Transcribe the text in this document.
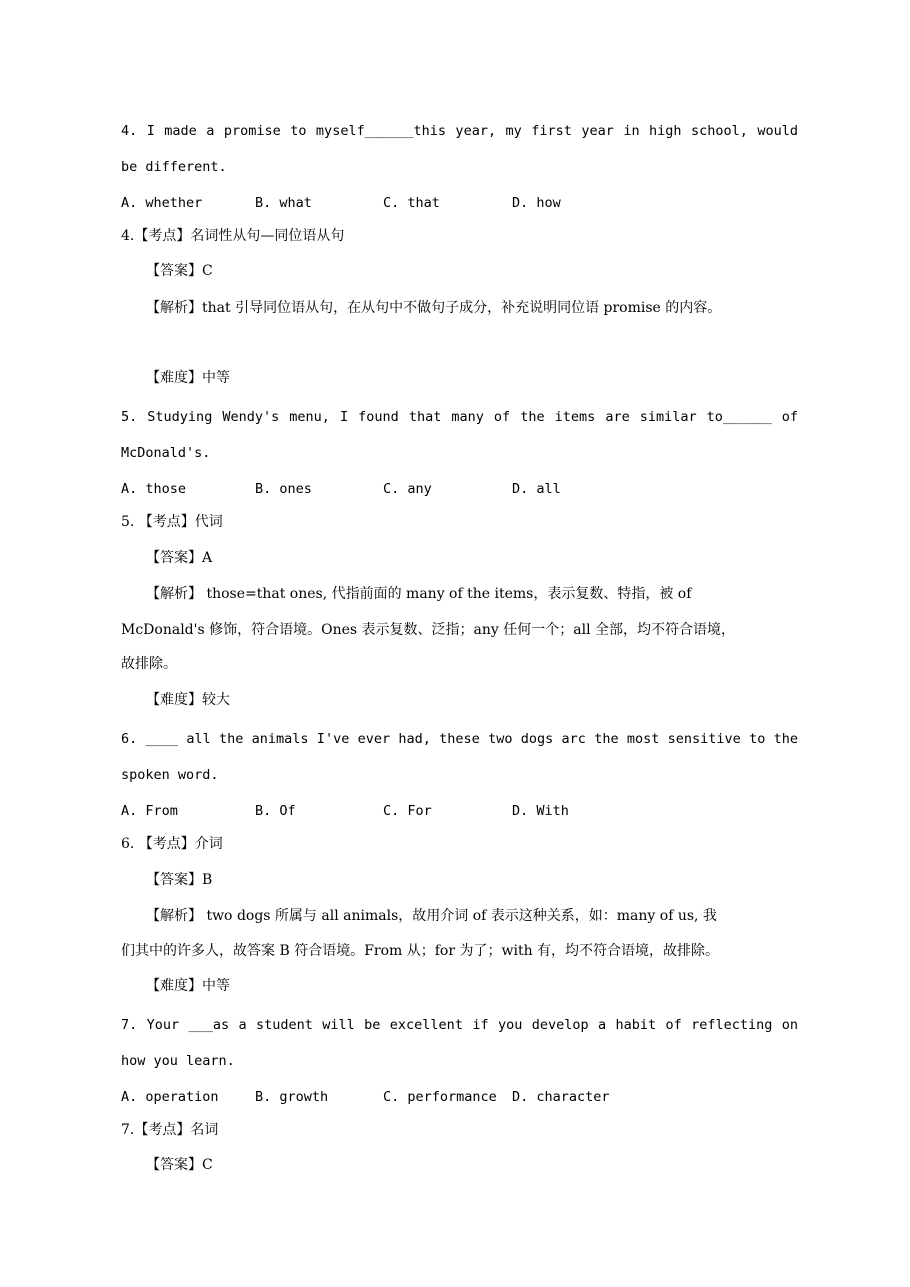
4. I made a promise to myself______this year, my first year in high school, would
be different.
A. whether	B. what	C. that	D. how
4.【考点】名词性从句—同位语从句
【答案】C
【解析】that 引导同位语从句，在从句中不做句子成分，补充说明同位语 promise 的内容。
【难度】中等
5. Studying Wendy's menu, I found that many of the items are similar to______ of
McDonald's.
A. those	B. ones	C. any	D. all
5. 【考点】代词
【答案】A
【解析】 those=that ones, 代指前面的 many of the items，表示复数、特指，被 of
McDonald's 修饰，符合语境。Ones 表示复数、泛指；any 任何一个；all 全部，均不符合语境，
故排除。
【难度】较大
6. ____ all the animals I've ever had, these two dogs arc the most sensitive to the
spoken word.
A. From	B. Of	C. For	D. With
6. 【考点】介词
【答案】B
【解析】 two dogs 所属与 all animals，故用介词 of 表示这种关系，如：many of us, 我
们其中的许多人，故答案 B 符合语境。From 从；for 为了；with 有，均不符合语境，故排除。
【难度】中等
7. Your ___as a student will be excellent if you develop a habit of reflecting on
how you learn.
A. operation	B. growth	C. performance D. character
7.【考点】名词
【答案】C
